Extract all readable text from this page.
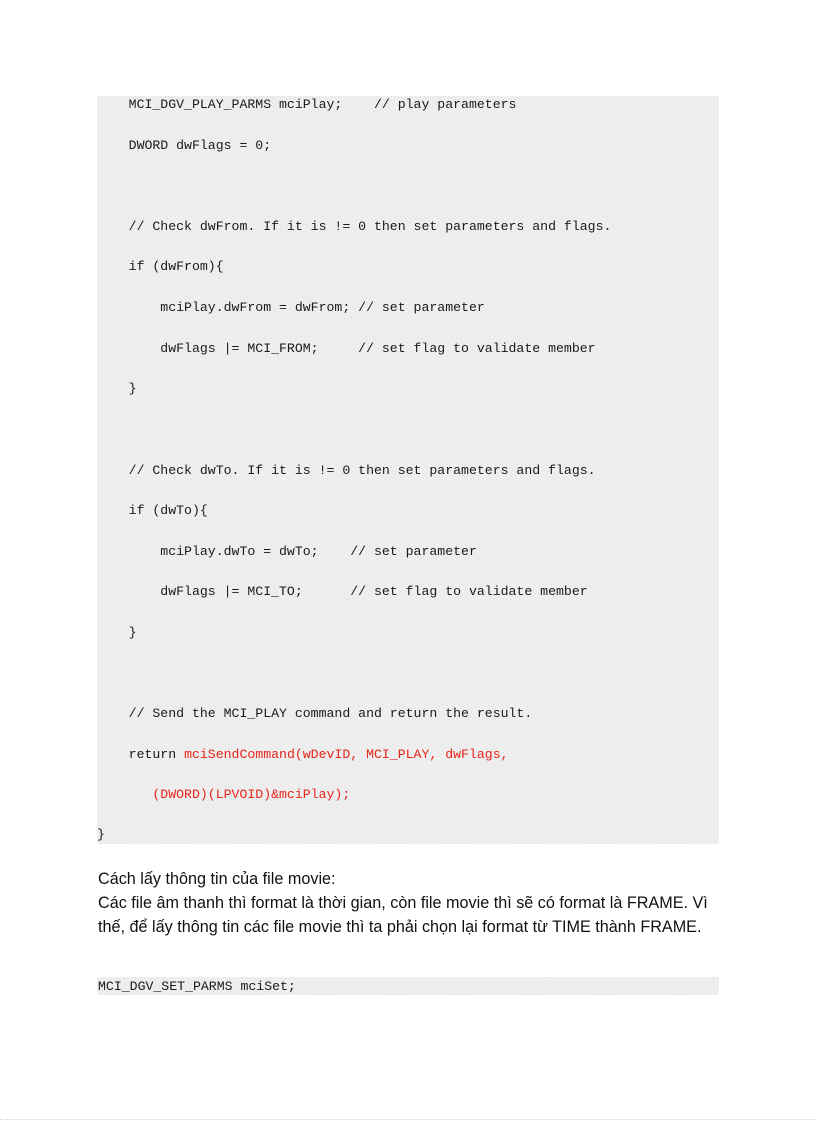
MCI_DGV_PLAY_PARMS mciPlay;    // play parameters
DWORD dwFlags = 0;
// Check dwFrom. If it is != 0 then set parameters and flags.
if (dwFrom){
mciPlay.dwFrom = dwFrom; // set parameter
dwFlags |= MCI_FROM;     // set flag to validate member
}
// Check dwTo. If it is != 0 then set parameters and flags.
if (dwTo){
mciPlay.dwTo = dwTo;    // set parameter
dwFlags |= MCI_TO;      // set flag to validate member
}
// Send the MCI_PLAY command and return the result.
return mciSendCommand(wDevID, MCI_PLAY, dwFlags,
(DWORD)(LPVOID)&mciPlay);
}

Cách lấy thông tin của file movie:

Các file âm thanh thì format là thời gian, còn file movie thì sẽ có format là FRAME. Vì thế, để lấy thông tin các file movie thì ta phải chọn lại format từ TIME thành FRAME.

MCI_DGV_SET_PARMS mciSet;
